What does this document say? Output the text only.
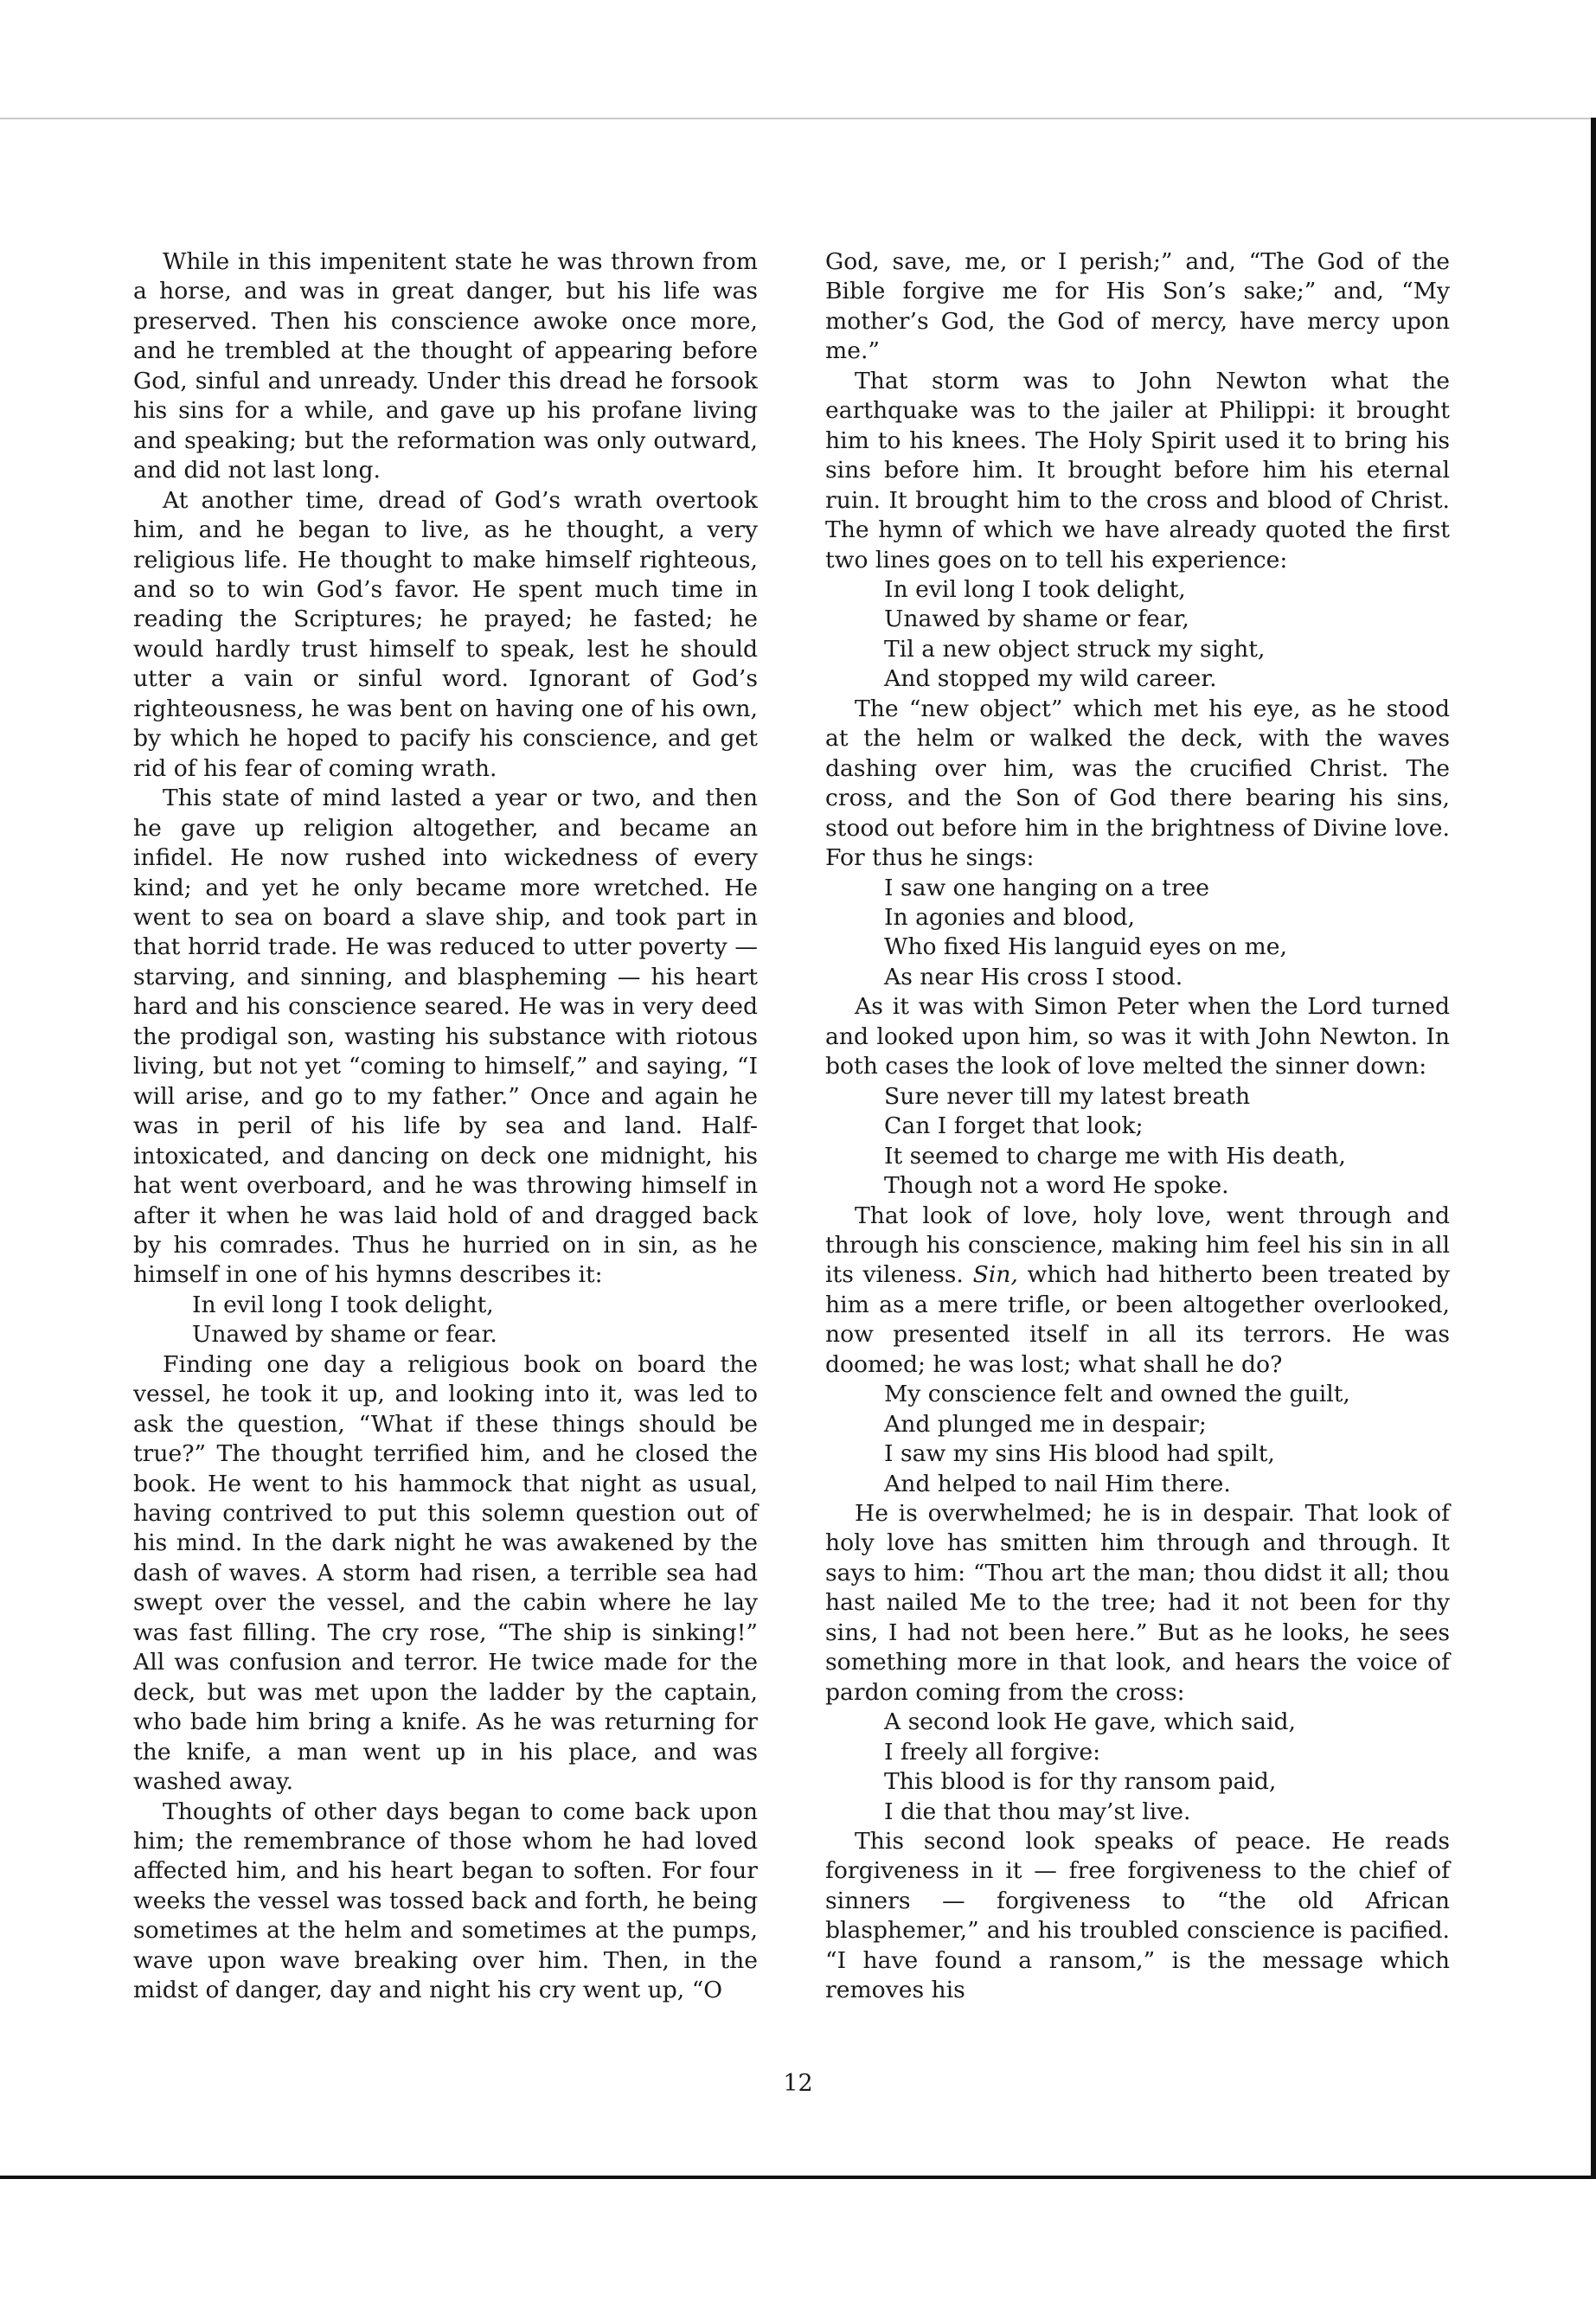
While in this impenitent state he was thrown from a horse, and was in great danger, but his life was preserved. Then his conscience awoke once more, and he trembled at the thought of appearing before God, sinful and unready. Under this dread he forsook his sins for a while, and gave up his profane living and speaking; but the reformation was only outward, and did not last long.

At another time, dread of God’s wrath overtook him, and he began to live, as he thought, a very religious life. He thought to make himself righteous, and so to win God’s favor. He spent much time in reading the Scriptures; he prayed; he fasted; he would hardly trust himself to speak, lest he should utter a vain or sinful word. Ignorant of God’s righteousness, he was bent on having one of his own, by which he hoped to pacify his conscience, and get rid of his fear of coming wrath.

This state of mind lasted a year or two, and then he gave up religion altogether, and became an infidel. He now rushed into wickedness of every kind; and yet he only became more wretched. He went to sea on board a slave ship, and took part in that horrid trade. He was reduced to utter poverty — starving, and sinning, and blaspheming — his heart hard and his conscience seared. He was in very deed the prodigal son, wasting his substance with riotous living, but not yet “coming to himself,” and saying, “I will arise, and go to my father.” Once and again he was in peril of his life by sea and land. Half-intoxicated, and dancing on deck one midnight, his hat went overboard, and he was throwing himself in after it when he was laid hold of and dragged back by his comrades. Thus he hurried on in sin, as he himself in one of his hymns describes it:

In evil long I took delight,
Unawed by shame or fear.

Finding one day a religious book on board the vessel, he took it up, and looking into it, was led to ask the question, “What if these things should be true?” The thought terrified him, and he closed the book. He went to his hammock that night as usual, having contrived to put this solemn question out of his mind. In the dark night he was awakened by the dash of waves. A storm had risen, a terrible sea had swept over the vessel, and the cabin where he lay was fast filling. The cry rose, “The ship is sinking!” All was confusion and terror. He twice made for the deck, but was met upon the ladder by the captain, who bade him bring a knife. As he was returning for the knife, a man went up in his place, and was washed away.

Thoughts of other days began to come back upon him; the remembrance of those whom he had loved affected him, and his heart began to soften. For four weeks the vessel was tossed back and forth, he being sometimes at the helm and sometimes at the pumps, wave upon wave breaking over him. Then, in the midst of danger, day and night his cry went up, “O

God, save, me, or I perish;” and, “The God of the Bible forgive me for His Son’s sake;” and, “My mother’s God, the God of mercy, have mercy upon me.”

That storm was to John Newton what the earthquake was to the jailer at Philippi: it brought him to his knees. The Holy Spirit used it to bring his sins before him. It brought before him his eternal ruin. It brought him to the cross and blood of Christ. The hymn of which we have already quoted the first two lines goes on to tell his experience:

In evil long I took delight,
Unawed by shame or fear,
Til a new object struck my sight,
And stopped my wild career.

The “new object” which met his eye, as he stood at the helm or walked the deck, with the waves dashing over him, was the crucified Christ. The cross, and the Son of God there bearing his sins, stood out before him in the brightness of Divine love. For thus he sings:

I saw one hanging on a tree
In agonies and blood,
Who fixed His languid eyes on me,
As near His cross I stood.

As it was with Simon Peter when the Lord turned and looked upon him, so was it with John Newton. In both cases the look of love melted the sinner down:

Sure never till my latest breath
Can I forget that look;
It seemed to charge me with His death,
Though not a word He spoke.

That look of love, holy love, went through and through his conscience, making him feel his sin in all its vileness. Sin, which had hitherto been treated by him as a mere trifle, or been altogether overlooked, now presented itself in all its terrors. He was doomed; he was lost; what shall he do?

My conscience felt and owned the guilt,
And plunged me in despair;
I saw my sins His blood had spilt,
And helped to nail Him there.

He is overwhelmed; he is in despair. That look of holy love has smitten him through and through. It says to him: “Thou art the man; thou didst it all; thou hast nailed Me to the tree; had it not been for thy sins, I had not been here.” But as he looks, he sees something more in that look, and hears the voice of pardon coming from the cross:

A second look He gave, which said,
I freely all forgive:
This blood is for thy ransom paid,
I die that thou may’st live.

This second look speaks of peace. He reads forgiveness in it — free forgiveness to the chief of sinners — forgiveness to “the old African blasphemer,” and his troubled conscience is pacified. “I have found a ransom,” is the message which removes his

12
